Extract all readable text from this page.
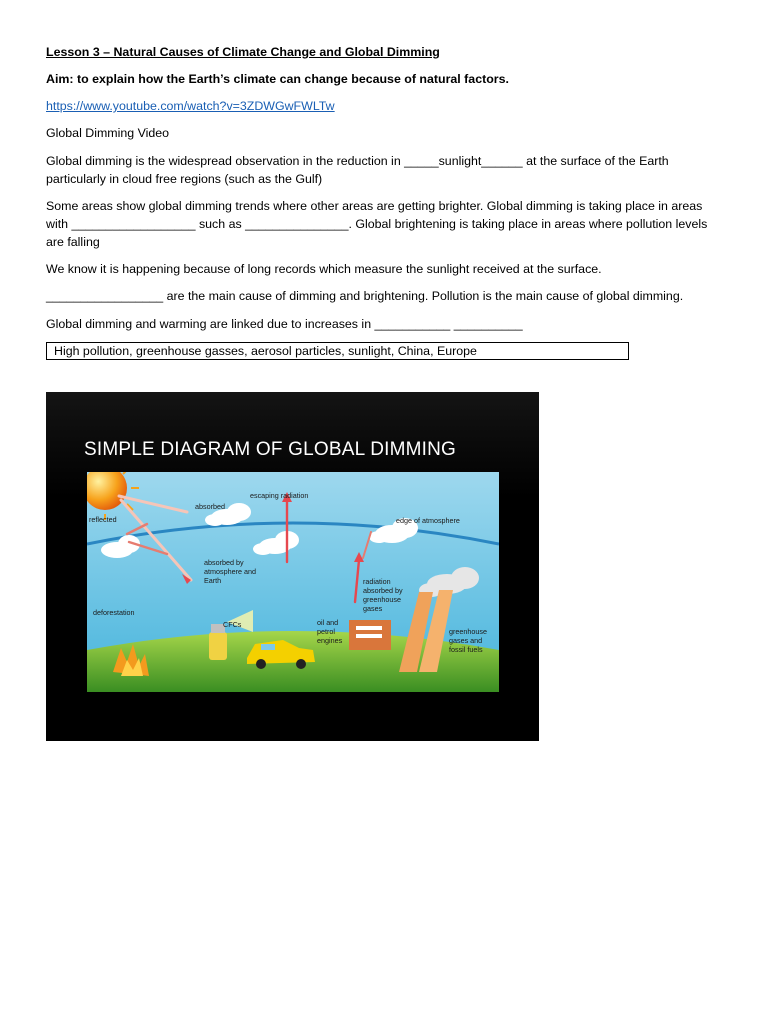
Lesson 3 – Natural Causes of Climate Change and Global Dimming
Aim: to explain how the Earth’s climate can change because of natural factors.
https://www.youtube.com/watch?v=3ZDWGwFWLTw
Global Dimming Video
Global dimming is the widespread observation in the reduction in _____sunlight______ at the surface of the Earth particularly in cloud free regions (such as the Gulf)
Some areas show global dimming trends where other areas are getting brighter. Global dimming is taking place in areas with __________________ such as _______________. Global brightening is taking place in areas where pollution levels are falling
We know it is happening because of long records which measure the sunlight received at the surface.
_________________ are the main cause of dimming and brightening. Pollution is the main cause of global dimming.
Global dimming and warming are linked due to increases in ___________ __________
High pollution, greenhouse gasses, aerosol particles, sunlight, China, Europe
SIMPLE DIAGRAM OF GLOBAL DIMMING
reflected
absorbed
escaping radiation
edge of atmosphere
absorbed by
atmosphere and
Earth
deforestation
CFCs	oil and
petrol
engines
radiation
absorbed by
greenhouse
gases
greenhouse
gases and
fossil fuels
